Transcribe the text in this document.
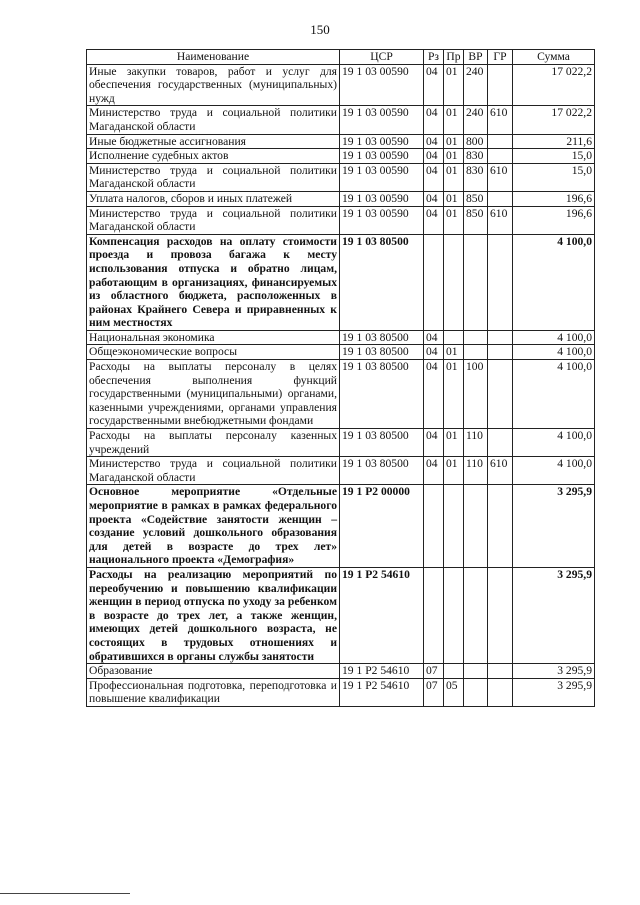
150
Наименование	ЦСР	Рз	Пр	ВР	ГР	Сумма
Иные закупки товаров, работ и услуг для обеспечения государственных (муниципальных) нужд	19 1 03 00590	04	01	240		17 022,2
Министерство труда и социальной политики Магаданской области	19 1 03 00590	04	01	240	610	17 022,2
Иные бюджетные ассигнования	19 1 03 00590	04	01	800		211,6
Исполнение судебных актов	19 1 03 00590	04	01	830		15,0
Министерство труда и социальной политики Магаданской области	19 1 03 00590	04	01	830	610	15,0
Уплата налогов, сборов и иных платежей	19 1 03 00590	04	01	850		196,6
Министерство труда и социальной политики Магаданской области	19 1 03 00590	04	01	850	610	196,6
Компенсация расходов на оплату стоимости проезда и провоза багажа к месту использования отпуска и обратно лицам, работающим в организациях, финансируемых из областного бюджета, расположенных в районах Крайнего Севера и приравненных к ним местностях	19 1 03 80500					4 100,0
Национальная экономика	19 1 03 80500	04				4 100,0
Общеэкономические вопросы	19 1 03 80500	04	01			4 100,0
Расходы на выплаты персоналу в целях обеспечения выполнения функций государственными (муниципальными) органами, казенными учреждениями, органами управления государственными внебюджетными фондами	19 1 03 80500	04	01	100		4 100,0
Расходы на выплаты персоналу казенных учреждений	19 1 03 80500	04	01	110		4 100,0
Министерство труда и социальной политики Магаданской области	19 1 03 80500	04	01	110	610	4 100,0
Основное мероприятие «Отдельные мероприятие в рамках в рамках федерального проекта «Содействие занятости женщин – создание условий дошкольного образования для детей в возрасте до трех лет» национального проекта «Демография»	19 1 P2 00000					3 295,9
Расходы на реализацию мероприятий по переобучению и повышению квалификации женщин в период отпуска по уходу за ребенком в возрасте до трех лет, а также женщин, имеющих детей дошкольного возраста, не состоящих в трудовых отношениях и обратившихся в органы службы занятости	19 1 P2 54610					3 295,9
Образование	19 1 P2 54610	07				3 295,9
Профессиональная подготовка, переподготовка и повышение квалификации	19 1 P2 54610	07	05			3 295,9
